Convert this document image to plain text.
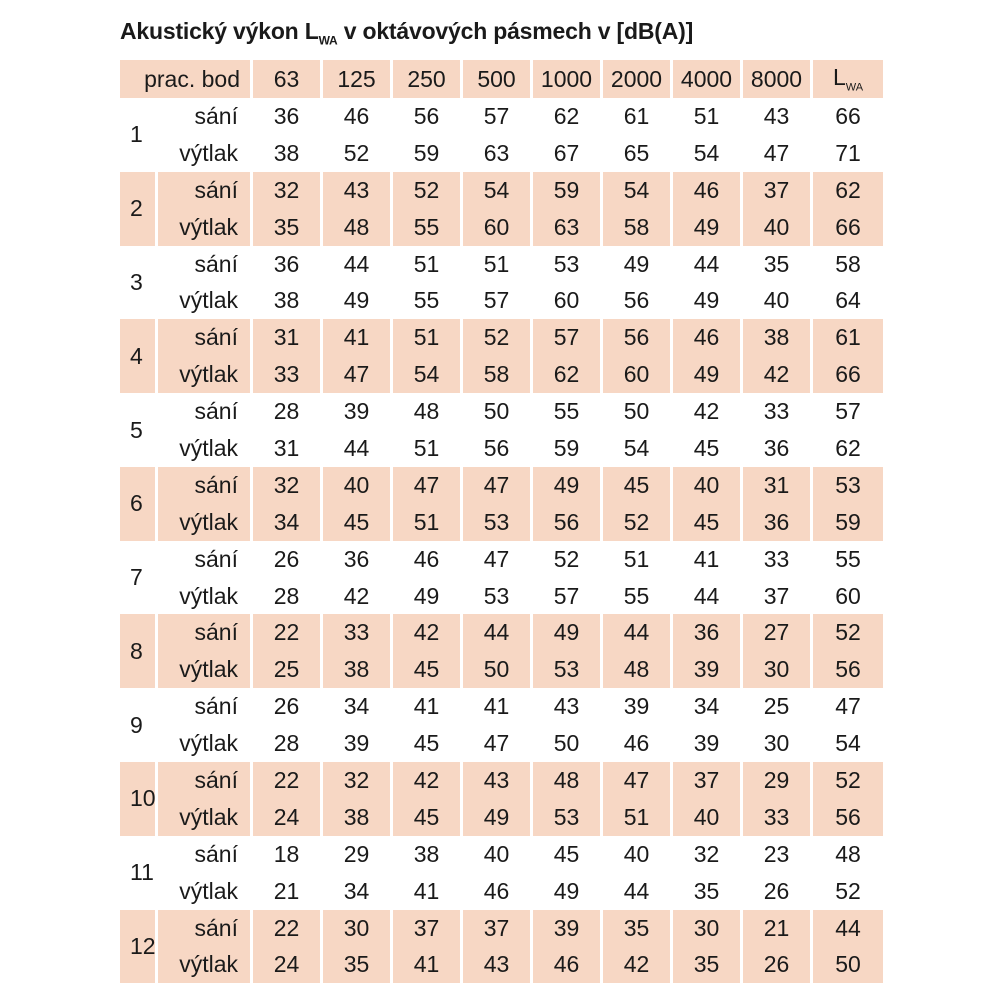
Akustický výkon $L_{WA}$ v oktávových pásmech v [dB(A)]
prac. bod		63	125	250	500	1000	2000	4000	8000	$L_{WA}$
1	sání	36	46	56	57	62	61	51	43	66
	výtlak	38	52	59	63	67	65	54	47	71
2	sání	32	43	52	54	59	54	46	37	62
	výtlak	35	48	55	60	63	58	49	40	66
3	sání	36	44	51	51	53	49	44	35	58
	výtlak	38	49	55	57	60	56	49	40	64
4	sání	31	41	51	52	57	56	46	38	61
	výtlak	33	47	54	58	62	60	49	42	66
5	sání	28	39	48	50	55	50	42	33	57
	výtlak	31	44	51	56	59	54	45	36	62
6	sání	32	40	47	47	49	45	40	31	53
	výtlak	34	45	51	53	56	52	45	36	59
7	sání	26	36	46	47	52	51	41	33	55
	výtlak	28	42	49	53	57	55	44	37	60
8	sání	22	33	42	44	49	44	36	27	52
	výtlak	25	38	45	50	53	48	39	30	56
9	sání	26	34	41	41	43	39	34	25	47
	výtlak	28	39	45	47	50	46	39	30	54
10	sání	22	32	42	43	48	47	37	29	52
	výtlak	24	38	45	49	53	51	40	33	56
11	sání	18	29	38	40	45	40	32	23	48
	výtlak	21	34	41	46	49	44	35	26	52
12	sání	22	30	37	37	39	35	30	21	44
	výtlak	24	35	41	43	46	42	35	26	50
